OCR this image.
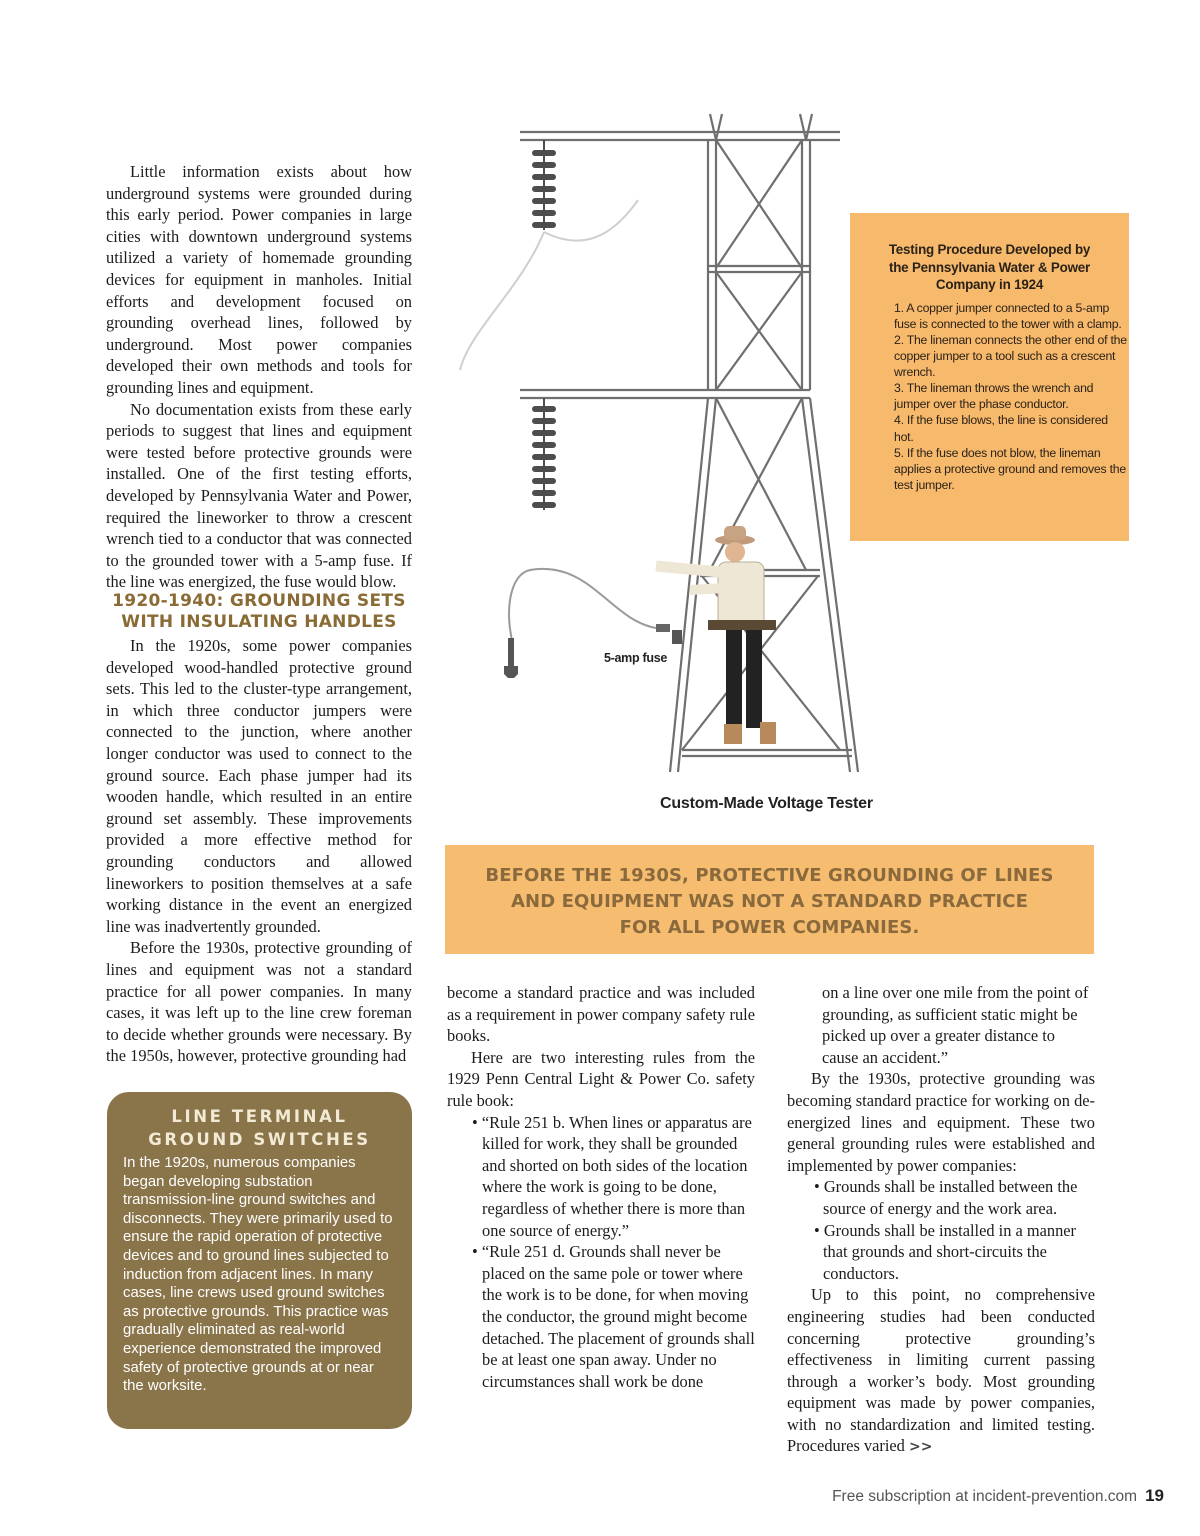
Little information exists about how underground systems were grounded during this early period. Power companies in large cities with downtown underground systems utilized a variety of homemade grounding devices for equipment in manholes. Initial efforts and development focused on grounding overhead lines, followed by underground. Most power companies developed their own methods and tools for grounding lines and equipment.

No documentation exists from these early periods to suggest that lines and equipment were tested before protective grounds were installed. One of the first testing efforts, developed by Pennsylvania Water and Power, required the lineworker to throw a crescent wrench tied to a conductor that was connected to the grounded tower with a 5-amp fuse. If the line was energized, the fuse would blow.

1920-1940: GROUNDING SETS
WITH INSULATING HANDLES

In the 1920s, some power companies developed wood-handled protective ground sets. This led to the cluster-type arrangement, in which three conductor jumpers were connected to the junction, where another longer conductor was used to connect to the ground source. Each phase jumper had its wooden handle, which resulted in an entire ground set assembly. These improvements provided a more effective method for grounding conductors and allowed lineworkers to position themselves at a safe working distance in the event an energized line was inadvertently grounded.

Before the 1930s, protective grounding of lines and equipment was not a standard practice for all power companies. In many cases, it was left up to the line crew foreman to decide whether grounds were necessary. By the 1950s, however, protective grounding had

LINE TERMINAL
GROUND SWITCHES
In the 1920s, numerous companies began developing substation transmission-line ground switches and disconnects. They were primarily used to ensure the rapid operation of protective devices and to ground lines subjected to induction from adjacent lines. In many cases, line crews used ground switches as protective grounds. This practice was gradually eliminated as real-world experience demonstrated the improved safety of protective grounds at or near the worksite.

become a standard practice and was included as a requirement in power company safety rule books.

Here are two interesting rules from the 1929 Penn Central Light & Power Co. safety rule book:

• “Rule 251 b. When lines or apparatus are killed for work, they shall be grounded and shorted on both sides of the location where the work is going to be done, regardless of whether there is more than one source of energy.”
• “Rule 251 d. Grounds shall never be placed on the same pole or tower where the work is to be done, for when moving the conductor, the ground might become detached. The placement of grounds shall be at least one span away. Under no circumstances shall work be done

on a line over one mile from the point of grounding, as sufficient static might be picked up over a greater distance to cause an accident.”

By the 1930s, protective grounding was becoming standard practice for working on de-energized lines and equipment. These two general grounding rules were established and implemented by power companies:

• Grounds shall be installed between the source of energy and the work area.
• Grounds shall be installed in a manner that grounds and short-circuits the conductors.

Up to this point, no comprehensive engineering studies had been conducted concerning protective grounding’s effectiveness in limiting current passing through a worker’s body. Most grounding equipment was made by power companies, with no standardization and limited testing. Procedures varied >>

5-amp fuse
Custom-Made Voltage Tester
Testing Procedure Developed by
the Pennsylvania Water & Power
Company in 1924
1. A copper jumper connected to a 5-amp fuse is connected to the tower with a clamp.
2. The lineman connects the other end of the copper jumper to a tool such as a crescent wrench.
3. The lineman throws the wrench and jumper over the phase conductor.
4. If the fuse blows, the line is considered hot.
5. If the fuse does not blow, the lineman applies a protective ground and removes the test jumper.
BEFORE THE 1930S, PROTECTIVE GROUNDING OF LINES
AND EQUIPMENT WAS NOT A STANDARD PRACTICE
FOR ALL POWER COMPANIES.
Free subscription at incident-prevention.com 19
